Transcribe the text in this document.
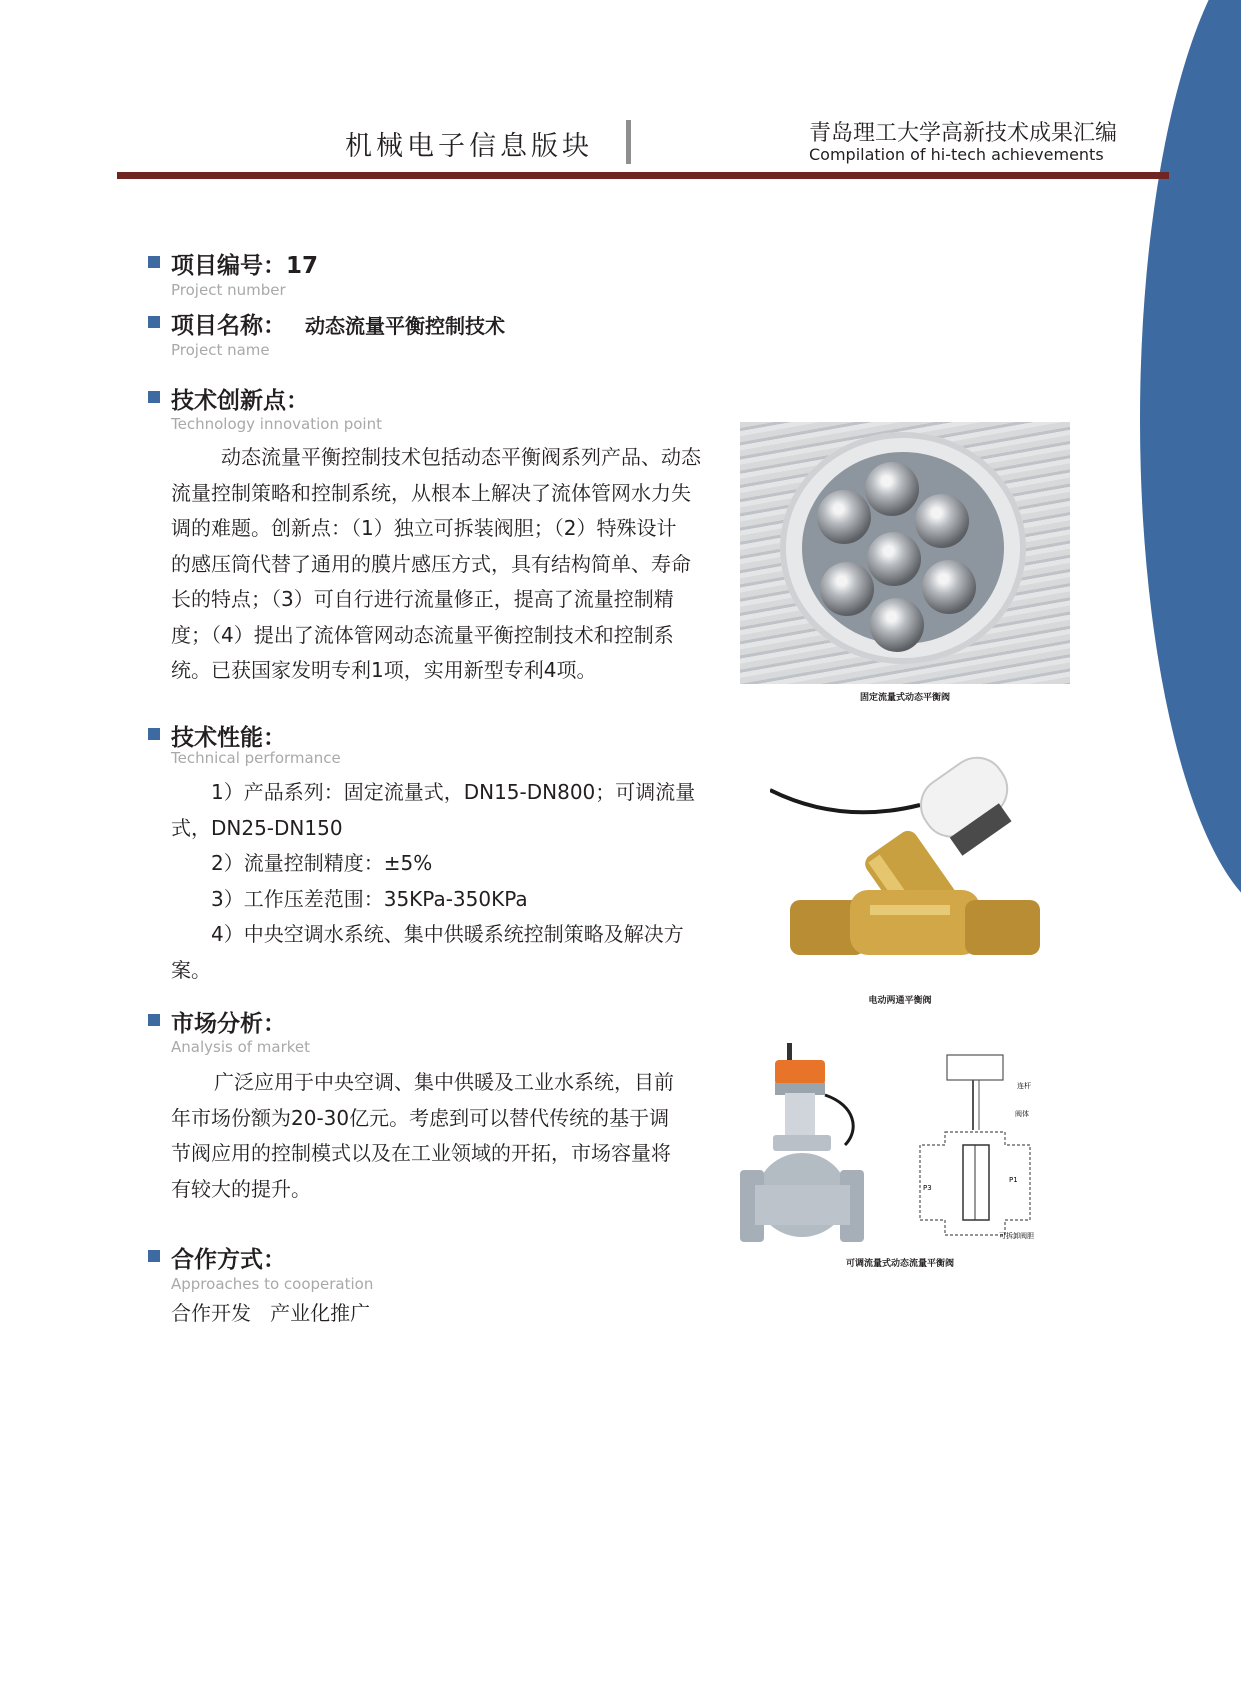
机械电子信息版块	青岛理工大学高新技术成果汇编
Compilation of hi-tech achievements
项目编号：17
Project number
项目名称： 动态流量平衡控制技术
Project name
技术创新点：
Technology innovation point

动态流量平衡控制技术包括动态平衡阀系列产品、动态

流量控制策略和控制系统，从根本上解决了流体管网水力失

调的难题。创新点：（1）独立可拆装阀胆；（2）特殊设计

的感压筒代替了通用的膜片感压方式，具有结构简单、寿命

长的特点；（3）可自行进行流量修正，提高了流量控制精

度；（4）提出了流体管网动态流量平衡控制技术和控制系

统。已获国家发明专利1项，实用新型专利4项。

固定流量式动态平衡阀
技术性能：
Technical performance

1）产品系列：固定流量式，DN15-DN800；可调流量

式，DN25-DN150

2）流量控制精度：±5%

3）工作压差范围：35KPa-350KPa

4）中央空调水系统、集中供暖系统控制策略及解决方

案。

电动两通平衡阀
市场分析：
Analysis of market

广泛应用于中央空调、集中供暖及工业水系统，目前

年市场份额为20-30亿元。考虑到可以替代传统的基于调

节阀应用的控制模式以及在工业领域的开拓，市场容量将

有较大的提升。

连杆
阀体
P1
P3
可拆卸阀胆
可调流量式动态流量平衡阀
合作方式：
Approaches to cooperation
合作开发   产业化推广
